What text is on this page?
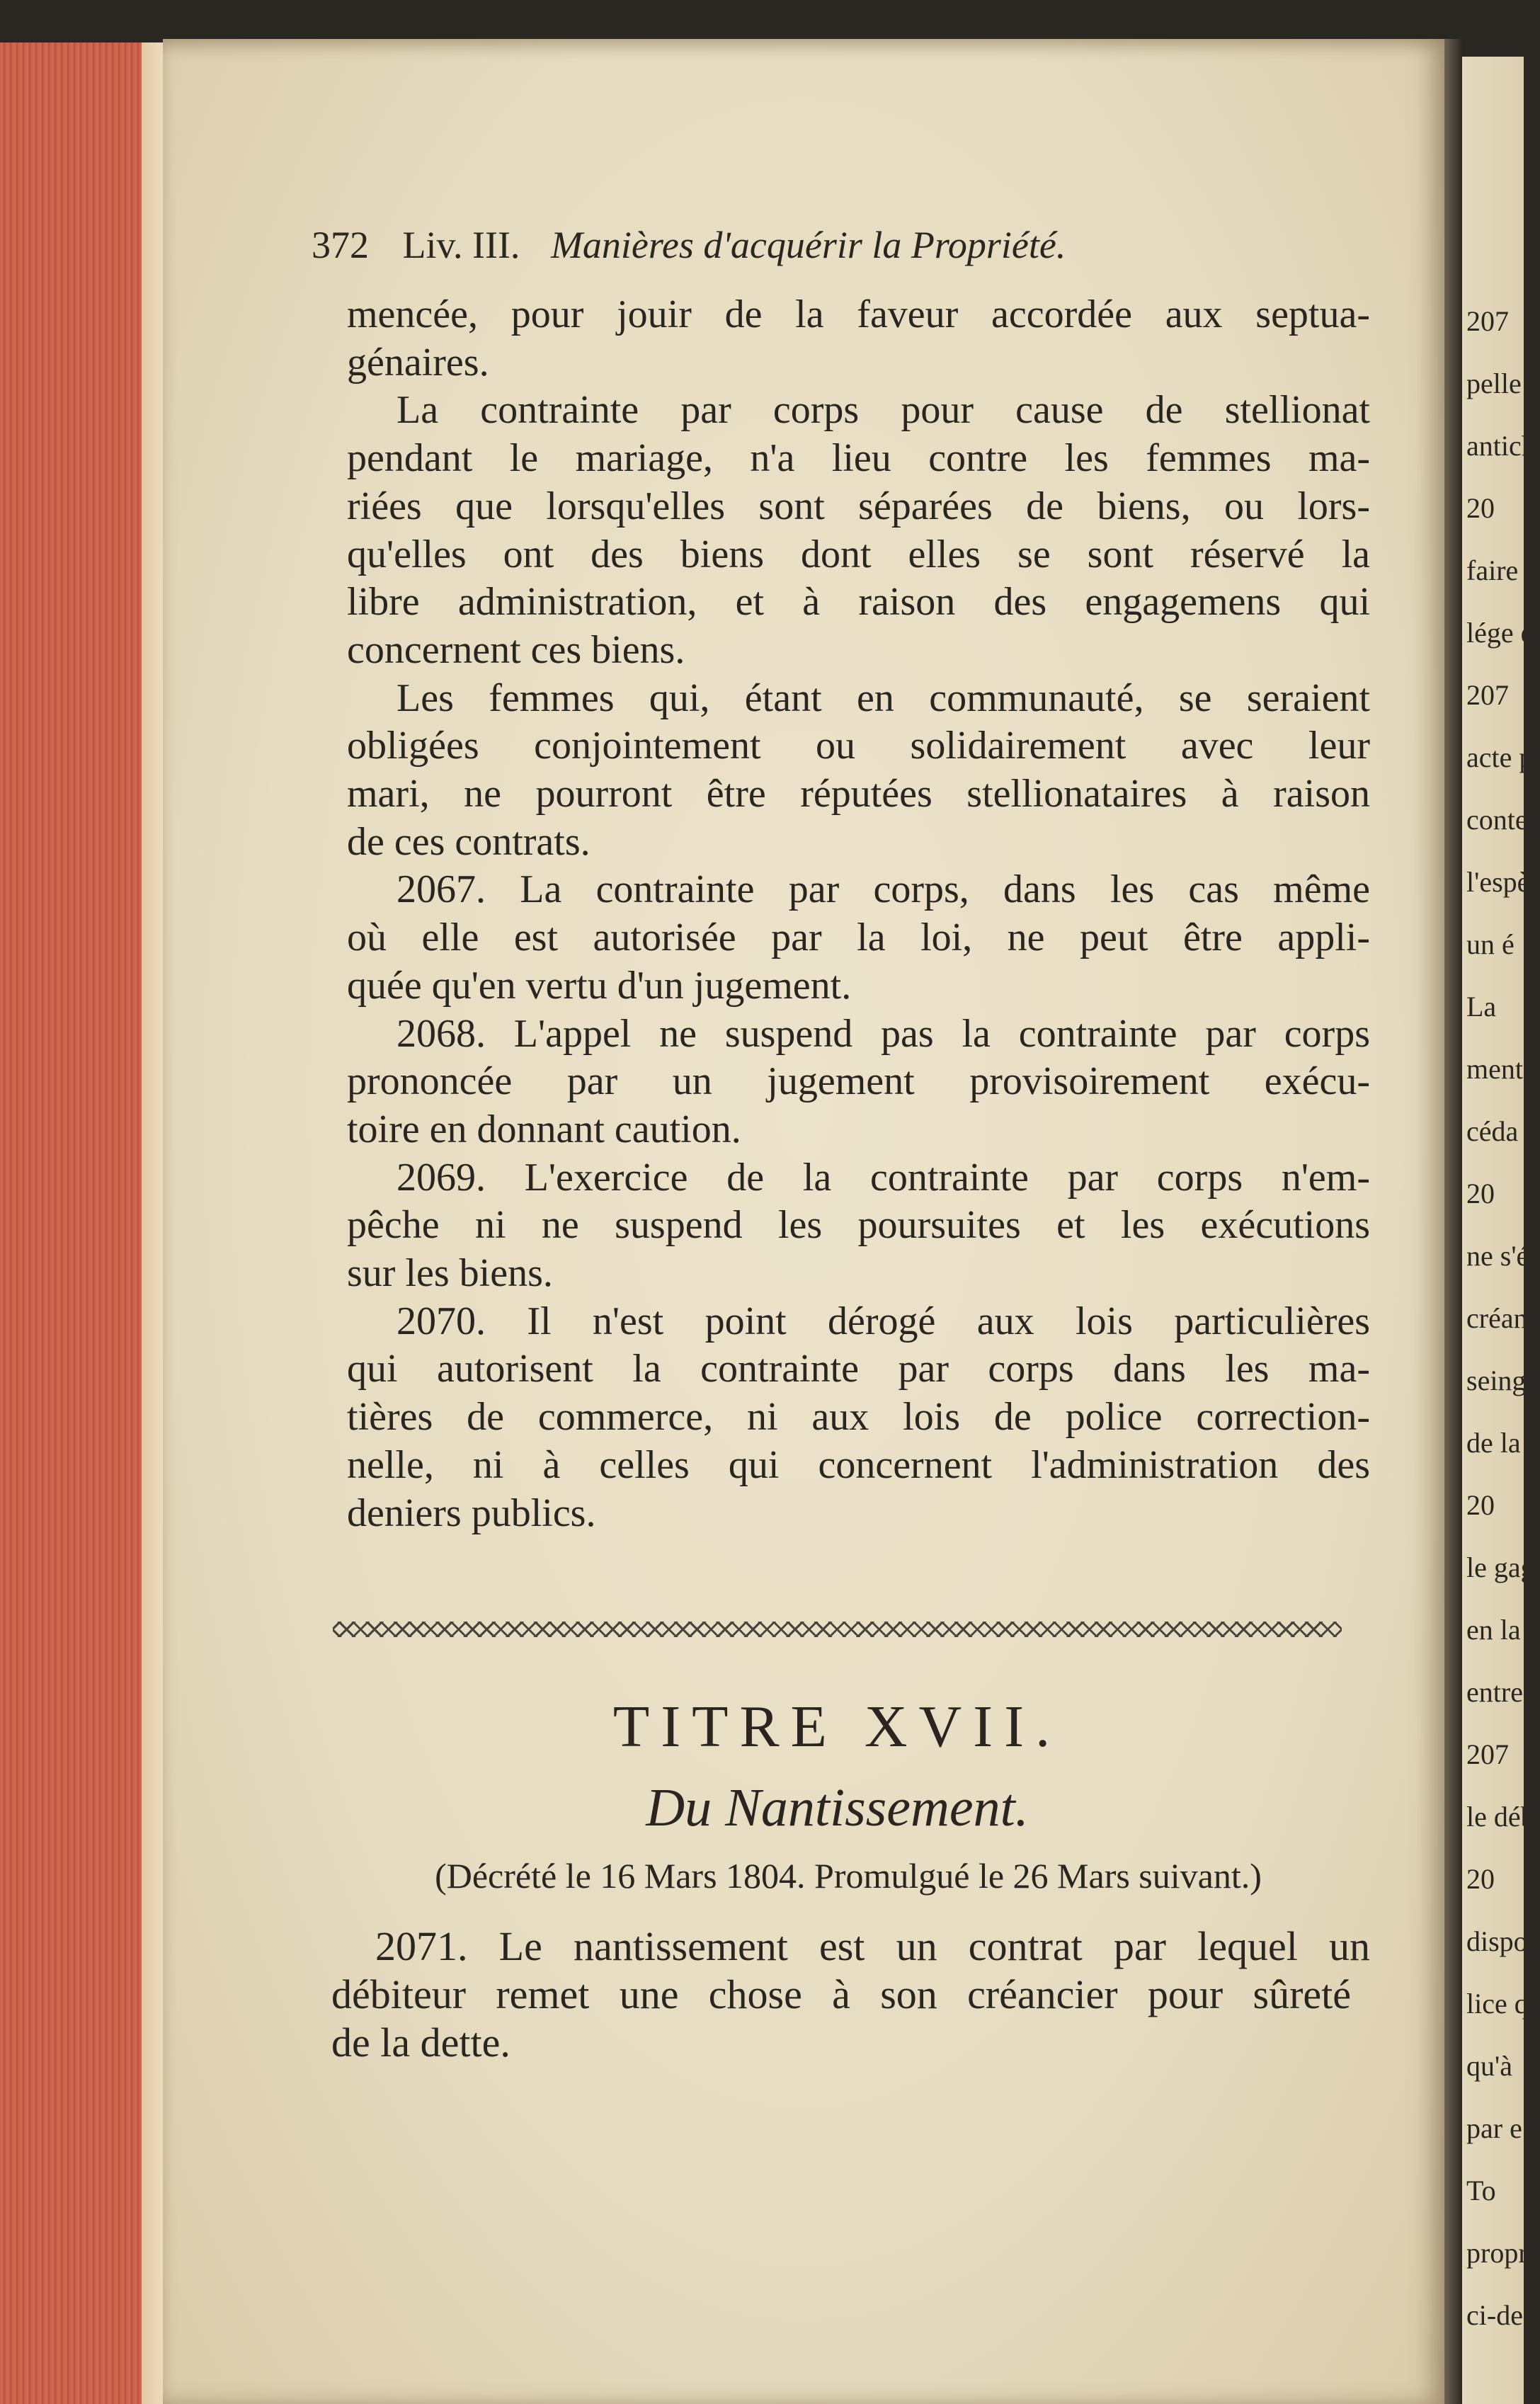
207
pelle
antich
20
faire
lége e
207
acte p
conte
l'espè
un é
La
ment
céda
20
ne s'é
créanc
seing
de la
20
le gag
en la
entre l
207
le déb
20
dispo
lice q
qu'à
par e
To
propr
ci-des
372 Liv. III. Manières d'acquérir la Propriété.
mencée, pour jouir de la faveur accordée aux septua-
génaires.
La contrainte par corps pour cause de stellionat
pendant le mariage, n'a lieu contre les femmes ma-
riées que lorsqu'elles sont séparées de biens, ou lors-
qu'elles ont des biens dont elles se sont réservé la
libre administration, et à raison des engagemens qui
concernent ces biens.
Les femmes qui, étant en communauté, se seraient
obligées conjointement ou solidairement avec leur
mari, ne pourront être réputées stellionataires à raison
de ces contrats.
2067. La contrainte par corps, dans les cas même
où elle est autorisée par la loi, ne peut être appli-
quée qu'en vertu d'un jugement.
2068. L'appel ne suspend pas la contrainte par corps
prononcée par un jugement provisoirement exécu-
toire en donnant caution.
2069. L'exercice de la contrainte par corps n'em-
pêche ni ne suspend les poursuites et les exécutions
sur les biens.
2070. Il n'est point dérogé aux lois particulières
qui autorisent la contrainte par corps dans les ma-
tières de commerce, ni aux lois de police correction-
nelle, ni à celles qui concernent l'administration des
deniers publics.
TITRE XVII.
Du Nantissement.
(Décrété le 16 Mars 1804. Promulgué le 26 Mars suivant.)
2071. Le nantissement est un contrat par lequel un
débiteur remet une chose à son créancier pour sûreté
de la dette.
